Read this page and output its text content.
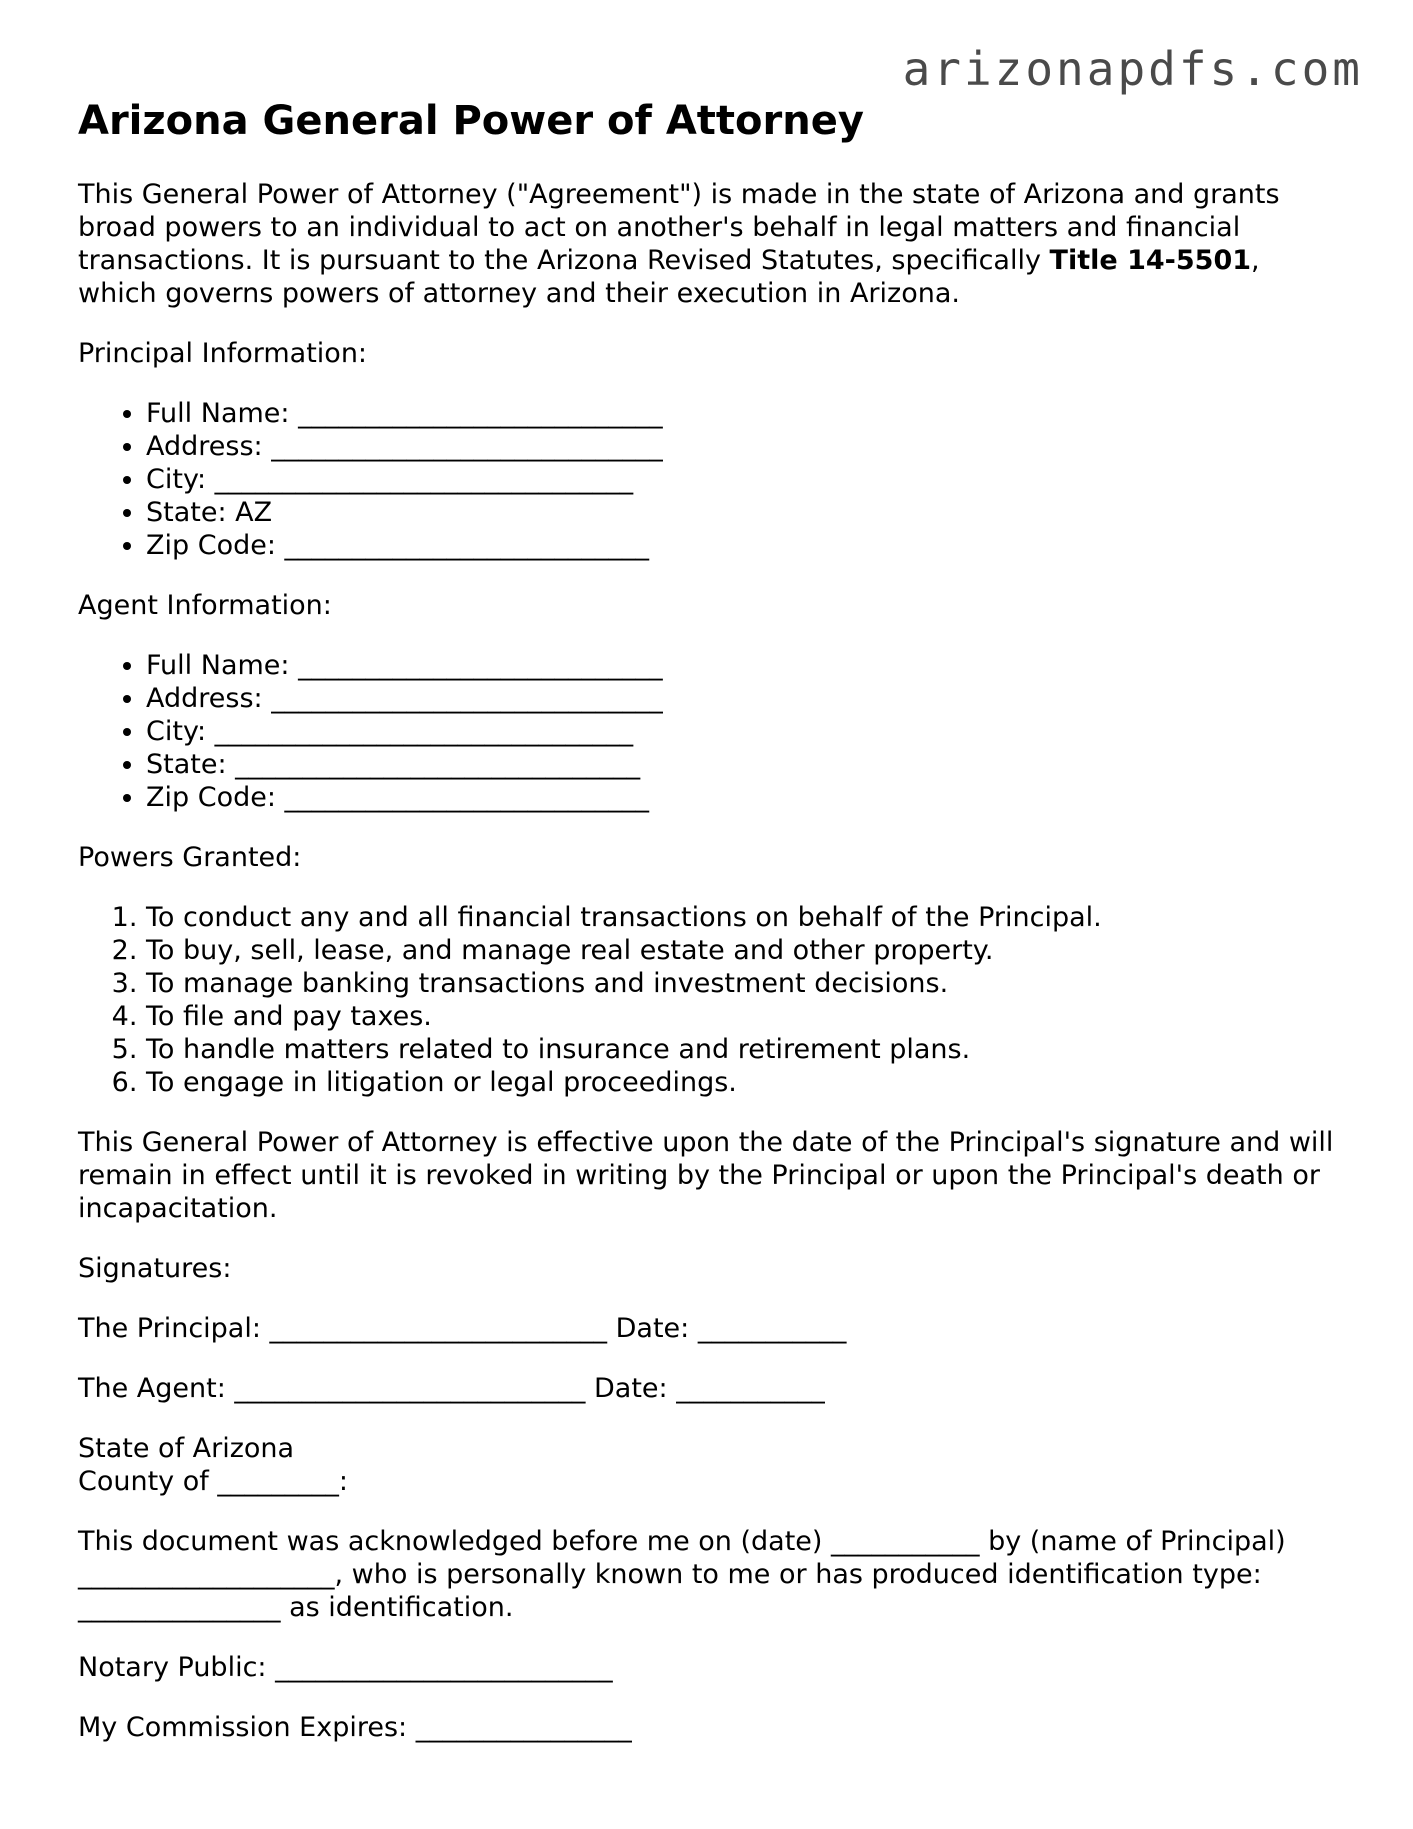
arizonapdfs.com
Arizona General Power of Attorney

This General Power of Attorney ("Agreement") is made in the state of Arizona and grants broad powers to an individual to act on another's behalf in legal matters and financial transactions. It is pursuant to the Arizona Revised Statutes, specifically Title 14-5501, which governs powers of attorney and their execution in Arizona.

Principal Information:

• Full Name: ___________________________
• Address: _____________________________
• City: _______________________________
• State: AZ
• Zip Code: ___________________________

Agent Information:

• Full Name: ___________________________
• Address: _____________________________
• City: _______________________________
• State: ______________________________
• Zip Code: ___________________________

Powers Granted:

1. To conduct any and all financial transactions on behalf of the Principal.
2. To buy, sell, lease, and manage real estate and other property.
3. To manage banking transactions and investment decisions.
4. To file and pay taxes.
5. To handle matters related to insurance and retirement plans.
6. To engage in litigation or legal proceedings.

This General Power of Attorney is effective upon the date of the Principal's signature and will remain in effect until it is revoked in writing by the Principal or upon the Principal's death or incapacitation.

Signatures:

The Principal: _________________________ Date: ___________

The Agent: __________________________ Date: ___________

State of Arizona
County of _________:

This document was acknowledged before me on (date) ___________ by (name of Principal) ___________________, who is personally known to me or has produced identification type: _______________ as identification.

Notary Public: _________________________

My Commission Expires: ________________
